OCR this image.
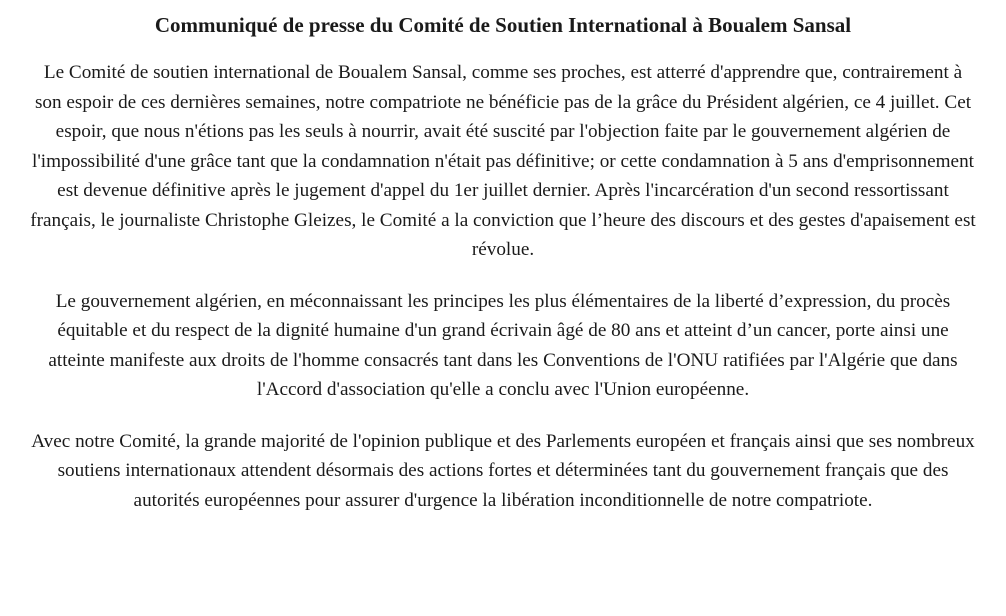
Communiqué de presse du Comité de Soutien International à Boualem Sansal

Le Comité de soutien international de Boualem Sansal, comme ses proches, est atterré d'apprendre que, contrairement à son espoir de ces dernières semaines, notre compatriote ne bénéficie pas de la grâce du Président algérien, ce 4 juillet. Cet espoir, que nous n'étions pas les seuls à nourrir, avait été suscité par l'objection faite par le gouvernement algérien de l'impossibilité d'une grâce tant que la condamnation n'était pas définitive; or cette condamnation à 5 ans d'emprisonnement est devenue définitive après le jugement d'appel du 1er juillet dernier. Après l'incarcération d'un second ressortissant français, le journaliste Christophe Gleizes, le Comité a la conviction que l’heure des discours et des gestes d'apaisement est révolue.

Le gouvernement algérien, en méconnaissant les principes les plus élémentaires de la liberté d’expression, du procès équitable et du respect de la dignité humaine d'un grand écrivain âgé de 80 ans et atteint d’un cancer, porte ainsi une atteinte manifeste aux droits de l'homme consacrés tant dans les Conventions de l'ONU ratifiées par l'Algérie que dans l'Accord d'association qu'elle a conclu avec l'Union européenne.

Avec notre Comité, la grande majorité de l'opinion publique et des Parlements européen et français ainsi que ses nombreux soutiens internationaux attendent désormais des actions fortes et déterminées tant du gouvernement français que des autorités européennes pour assurer d'urgence la libération inconditionnelle de notre compatriote.
